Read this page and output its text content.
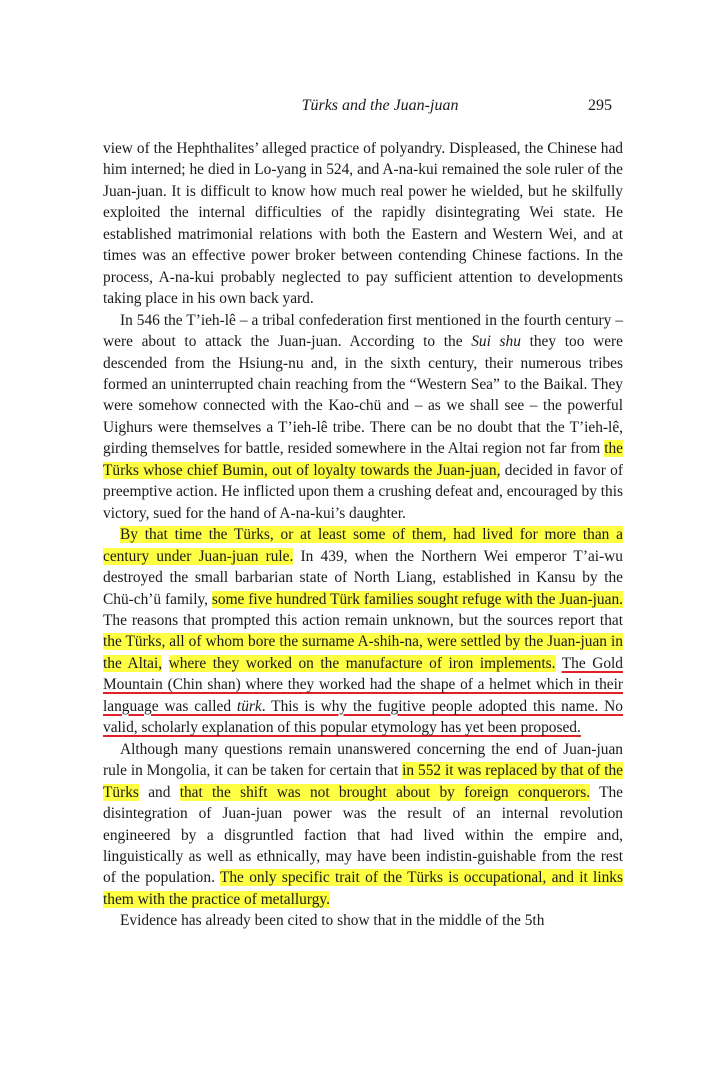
Türks and the Juan-juan	295

view of the Hephthalites’ alleged practice of polyandry. Displeased, the Chinese had him interned; he died in Lo-yang in 524, and A-na-kui remained the sole ruler of the Juan-juan. It is difficult to know how much real power he wielded, but he skilfully exploited the internal difficulties of the rapidly disintegrating Wei state. He established matrimonial relations with both the Eastern and Western Wei, and at times was an effective power broker between contending Chinese factions. In the process, A-na-kui probably neglected to pay sufficient attention to developments taking place in his own back yard.

In 546 the T’ieh-lê – a tribal confederation first mentioned in the fourth century – were about to attack the Juan-juan. According to the Sui shu they too were descended from the Hsiung-nu and, in the sixth century, their numerous tribes formed an uninterrupted chain reaching from the “Western Sea” to the Baikal. They were somehow connected with the Kao-chü and – as we shall see – the powerful Uighurs were themselves a T’ieh-lê tribe. There can be no doubt that the T’ieh-lê, girding themselves for battle, resided somewhere in the Altai region not far from the Türks whose chief Bumin, out of loyalty towards the Juan-juan, decided in favor of preemptive action. He inflicted upon them a crushing defeat and, encouraged by this victory, sued for the hand of A-na-kui’s daughter.

By that time the Türks, or at least some of them, had lived for more than a century under Juan-juan rule. In 439, when the Northern Wei emperor T’ai-wu destroyed the small barbarian state of North Liang, established in Kansu by the Chü-ch’ü family, some five hundred Türk families sought refuge with the Juan-juan. The reasons that prompted this action remain unknown, but the sources report that the Türks, all of whom bore the surname A-shih-na, were settled by the Juan-juan in the Altai, where they worked on the manufacture of iron implements. The Gold Mountain (Chin shan) where they worked had the shape of a helmet which in their language was called türk. This is why the fugitive people adopted this name. No valid, scholarly explanation of this popular etymology has yet been proposed.

Although many questions remain unanswered concerning the end of Juan-juan rule in Mongolia, it can be taken for certain that in 552 it was replaced by that of the Türks and that the shift was not brought about by foreign conquerors. The disintegration of Juan-juan power was the result of an internal revolution engineered by a disgruntled faction that had lived within the empire and, linguistically as well as ethnically, may have been indistin-guishable from the rest of the population. The only specific trait of the Türks is occupational, and it links them with the practice of metallurgy.

Evidence has already been cited to show that in the middle of the 5th
